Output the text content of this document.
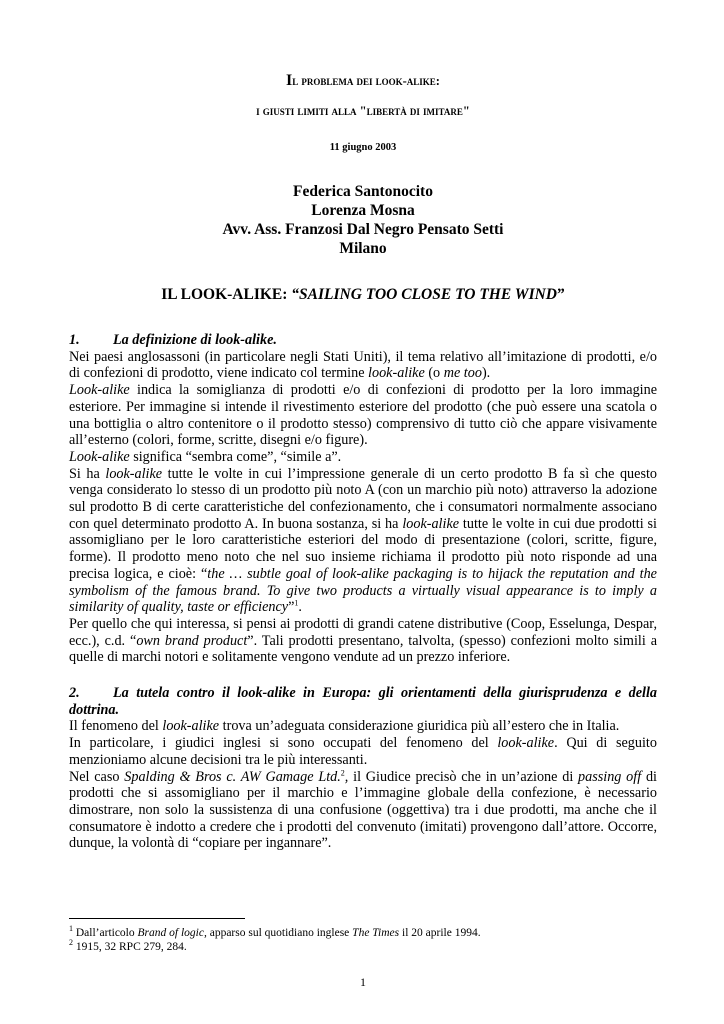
Il problema dei look-alike:
i giusti limiti alla "libertà di imitare"
11 giugno 2003
Federica Santonocito
Lorenza Mosna
Avv. Ass. Franzosi Dal Negro Pensato Setti
Milano
IL LOOK-ALIKE: “SAILING TOO CLOSE TO THE WIND”

1. La definizione di look-alike.

Nei paesi anglosassoni (in particolare negli Stati Uniti), il tema relativo all’imitazione di prodotti, e/o di confezioni di prodotto, viene indicato col termine look-alike (o me too).

Look-alike indica la somiglianza di prodotti e/o di confezioni di prodotto per la loro immagine esteriore. Per immagine si intende il rivestimento esteriore del prodotto (che può essere una scatola o una bottiglia o altro contenitore o il prodotto stesso) comprensivo di tutto ciò che appare visivamente all’esterno (colori, forme, scritte, disegni e/o figure).

Look-alike significa “sembra come”, “simile a”.

Si ha look-alike tutte le volte in cui l’impressione generale di un certo prodotto B fa sì che questo venga considerato lo stesso di un prodotto più noto A (con un marchio più noto) attraverso la adozione sul prodotto B di certe caratteristiche del confezionamento, che i consumatori normalmente associano con quel determinato prodotto A. In buona sostanza, si ha look-alike tutte le volte in cui due prodotti si assomigliano per le loro caratteristiche esteriori del modo di presentazione (colori, scritte, figure, forme). Il prodotto meno noto che nel suo insieme richiama il prodotto più noto risponde ad una precisa logica, e cioè: “the … subtle goal of look-alike packaging is to hijack the reputation and the symbolism of the famous brand. To give two products a virtually visual appearance is to imply a similarity of quality, taste or efficiency”$^1$.

Per quello che qui interessa, si pensi ai prodotti di grandi catene distributive (Coop, Esselunga, Despar, ecc.), c.d. “own brand product”. Tali prodotti presentano, talvolta, (spesso) confezioni molto simili a quelle di marchi notori e solitamente vengono vendute ad un prezzo inferiore.

2. La tutela contro il look-alike in Europa: gli orientamenti della giurisprudenza e della dottrina.

Il fenomeno del look-alike trova un’adeguata considerazione giuridica più all’estero che in Italia.

In particolare, i giudici inglesi si sono occupati del fenomeno del look-alike. Qui di seguito menzioniamo alcune decisioni tra le più interessanti.

Nel caso Spalding & Bros c. AW Gamage Ltd.$^2$, il Giudice precisò che in un’azione di passing off di prodotti che si assomigliano per il marchio e l’immagine globale della confezione, è necessario dimostrare, non solo la sussistenza di una confusione (oggettiva) tra i due prodotti, ma anche che il consumatore è indotto a credere che i prodotti del convenuto (imitati) provengono dall’attore. Occorre, dunque, la volontà di “copiare per ingannare”.

$^1$ Dall’articolo Brand of logic, apparso sul quotidiano inglese The Times il 20 aprile 1994.
$^2$ 1915, 32 RPC 279, 284.
1
